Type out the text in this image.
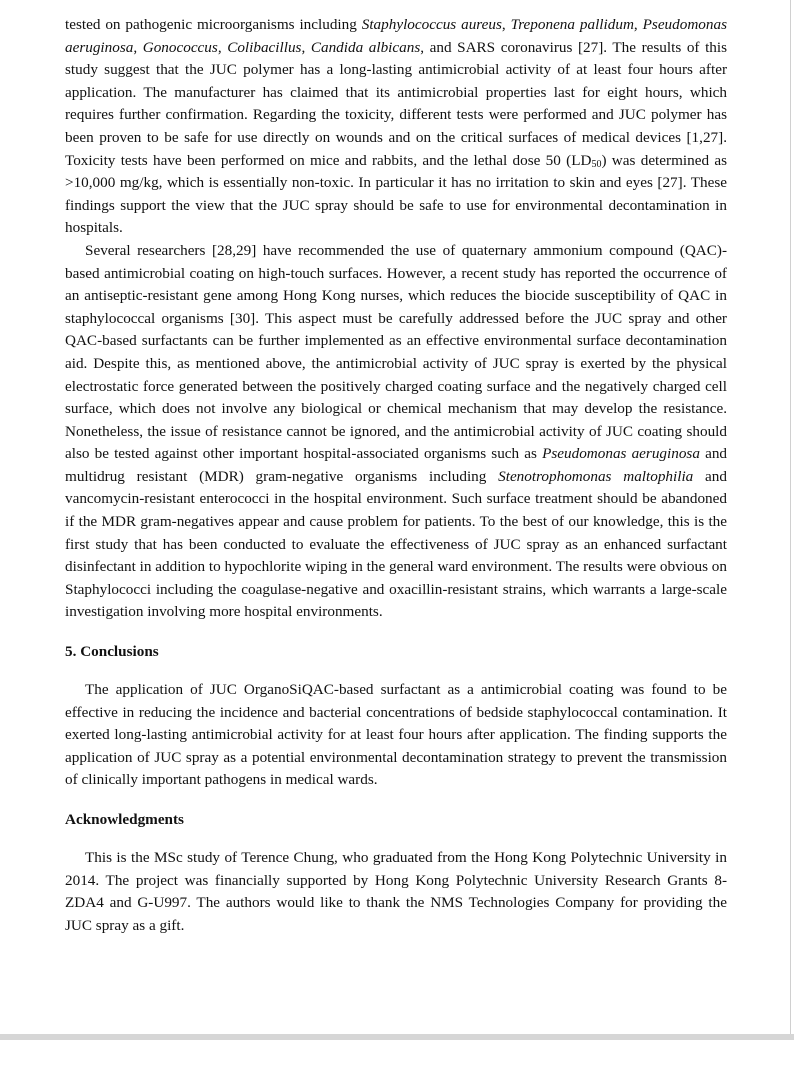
tested on pathogenic microorganisms including Staphylococcus aureus, Treponena pallidum, Pseudomonas aeruginosa, Gonococcus, Colibacillus, Candida albicans, and SARS coronavirus [27]. The results of this study suggest that the JUC polymer has a long-lasting antimicrobial activity of at least four hours after application. The manufacturer has claimed that its antimicrobial properties last for eight hours, which requires further confirmation. Regarding the toxicity, different tests were performed and JUC polymer has been proven to be safe for use directly on wounds and on the critical surfaces of medical devices [1,27]. Toxicity tests have been performed on mice and rabbits, and the lethal dose 50 $(LD_{50})$ was determined as >10,000 mg/kg, which is essentially non-toxic. In particular it has no irritation to skin and eyes [27]. These findings support the view that the JUC spray should be safe to use for environmental decontamination in hospitals.

Several researchers [28,29] have recommended the use of quaternary ammonium compound (QAC)-based antimicrobial coating on high-touch surfaces. However, a recent study has reported the occurrence of an antiseptic-resistant gene among Hong Kong nurses, which reduces the biocide susceptibility of QAC in staphylococcal organisms [30]. This aspect must be carefully addressed before the JUC spray and other QAC-based surfactants can be further implemented as an effective environmental surface decontamination aid. Despite this, as mentioned above, the antimicrobial activity of JUC spray is exerted by the physical electrostatic force generated between the positively charged coating surface and the negatively charged cell surface, which does not involve any biological or chemical mechanism that may develop the resistance. Nonetheless, the issue of resistance cannot be ignored, and the antimicrobial activity of JUC coating should also be tested against other important hospital-associated organisms such as Pseudomonas aeruginosa and multidrug resistant (MDR) gram-negative organisms including Stenotrophomonas maltophilia and vancomycin-resistant enterococci in the hospital environment. Such surface treatment should be abandoned if the MDR gram-negatives appear and cause problem for patients. To the best of our knowledge, this is the first study that has been conducted to evaluate the effectiveness of JUC spray as an enhanced surfactant disinfectant in addition to hypochlorite wiping in the general ward environment. The results were obvious on Staphylococci including the coagulase-negative and oxacillin-resistant strains, which warrants a large-scale investigation involving more hospital environments.

5. Conclusions

The application of JUC OrganoSiQAC-based surfactant as a antimicrobial coating was found to be effective in reducing the incidence and bacterial concentrations of bedside staphylococcal contamination. It exerted long-lasting antimicrobial activity for at least four hours after application. The finding supports the application of JUC spray as a potential environmental decontamination strategy to prevent the transmission of clinically important pathogens in medical wards.

Acknowledgments

This is the MSc study of Terence Chung, who graduated from the Hong Kong Polytechnic University in 2014. The project was financially supported by Hong Kong Polytechnic University Research Grants 8-ZDA4 and G-U997. The authors would like to thank the NMS Technologies Company for providing the JUC spray as a gift.
